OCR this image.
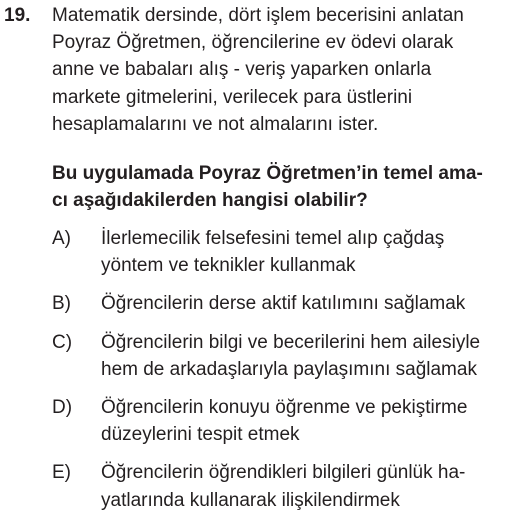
19. Matematik dersinde, dört işlem becerisini anlatan
Poyraz Öğretmen, öğrencilerine ev ödevi olarak
anne ve babaları alış - veriş yaparken onlarla
markete gitmelerini, verilecek para üstlerini
hesaplamalarını ve not almalarını ister.
Bu uygulamada Poyraz Öğretmen’in temel ama-
cı aşağıdakilerden hangisi olabilir?
A)	İlerlemecilik felsefesini temel alıp çağdaş
yöntem ve teknikler kullanmak
B)	Öğrencilerin derse aktif katılımını sağlamak
C)	Öğrencilerin bilgi ve becerilerini hem ailesiyle
hem de arkadaşlarıyla paylaşımını sağlamak
D)	Öğrencilerin konuyu öğrenme ve pekiştirme
düzeylerini tespit etmek
E)	Öğrencilerin öğrendikleri bilgileri günlük ha-
yatlarında kullanarak ilişkilendirmek
